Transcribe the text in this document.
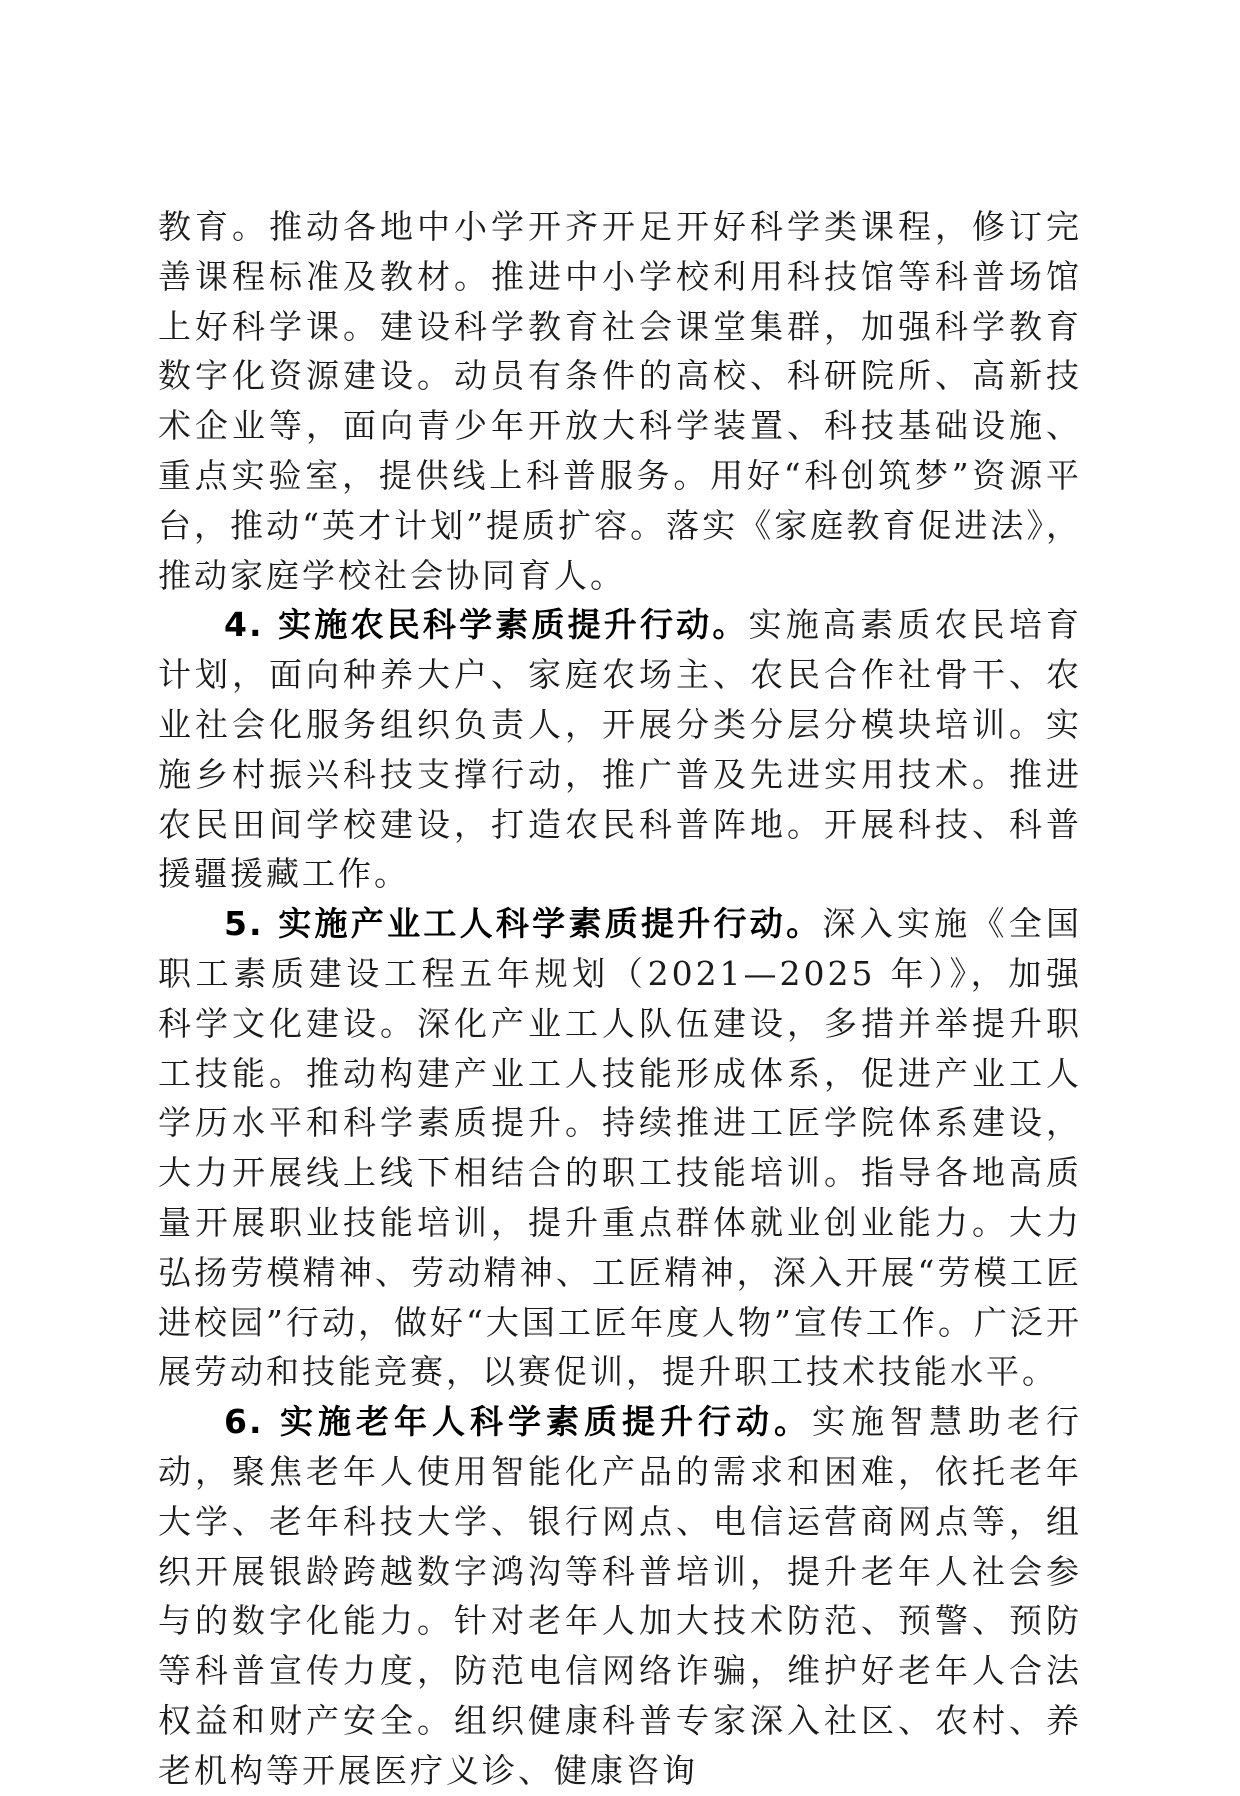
教育。推动各地中小学开齐开足开好科学类课程，修订完善课程标准及教材。推进中小学校利用科技馆等科普场馆上好科学课。建设科学教育社会课堂集群，加强科学教育数字化资源建设。动员有条件的高校、科研院所、高新技术企业等，面向青少年开放大科学装置、科技基础设施、重点实验室，提供线上科普服务。用好“科创筑梦”资源平台，推动“英才计划”提质扩容。落实《家庭教育促进法》，推动家庭学校社会协同育人。

4. 实施农民科学素质提升行动。实施高素质农民培育计划，面向种养大户、家庭农场主、农民合作社骨干、农业社会化服务组织负责人，开展分类分层分模块培训。实施乡村振兴科技支撑行动，推广普及先进实用技术。推进农民田间学校建设，打造农民科普阵地。开展科技、科普援疆援藏工作。

5. 实施产业工人科学素质提升行动。深入实施《全国职工素质建设工程五年规划（2021—2025 年）》，加强科学文化建设。深化产业工人队伍建设，多措并举提升职工技能。推动构建产业工人技能形成体系，促进产业工人学历水平和科学素质提升。持续推进工匠学院体系建设，大力开展线上线下相结合的职工技能培训。指导各地高质量开展职业技能培训，提升重点群体就业创业能力。大力弘扬劳模精神、劳动精神、工匠精神，深入开展“劳模工匠进校园”行动，做好“大国工匠年度人物”宣传工作。广泛开展劳动和技能竞赛，以赛促训，提升职工技术技能水平。

6. 实施老年人科学素质提升行动。实施智慧助老行动，聚焦老年人使用智能化产品的需求和困难，依托老年大学、老年科技大学、银行网点、电信运营商网点等，组织开展银龄跨越数字鸿沟等科普培训，提升老年人社会参与的数字化能力。针对老年人加大技术防范、预警、预防等科普宣传力度，防范电信网络诈骗，维护好老年人合法权益和财产安全。组织健康科普专家深入社区、农村、养老机构等开展医疗义诊、健康咨询
